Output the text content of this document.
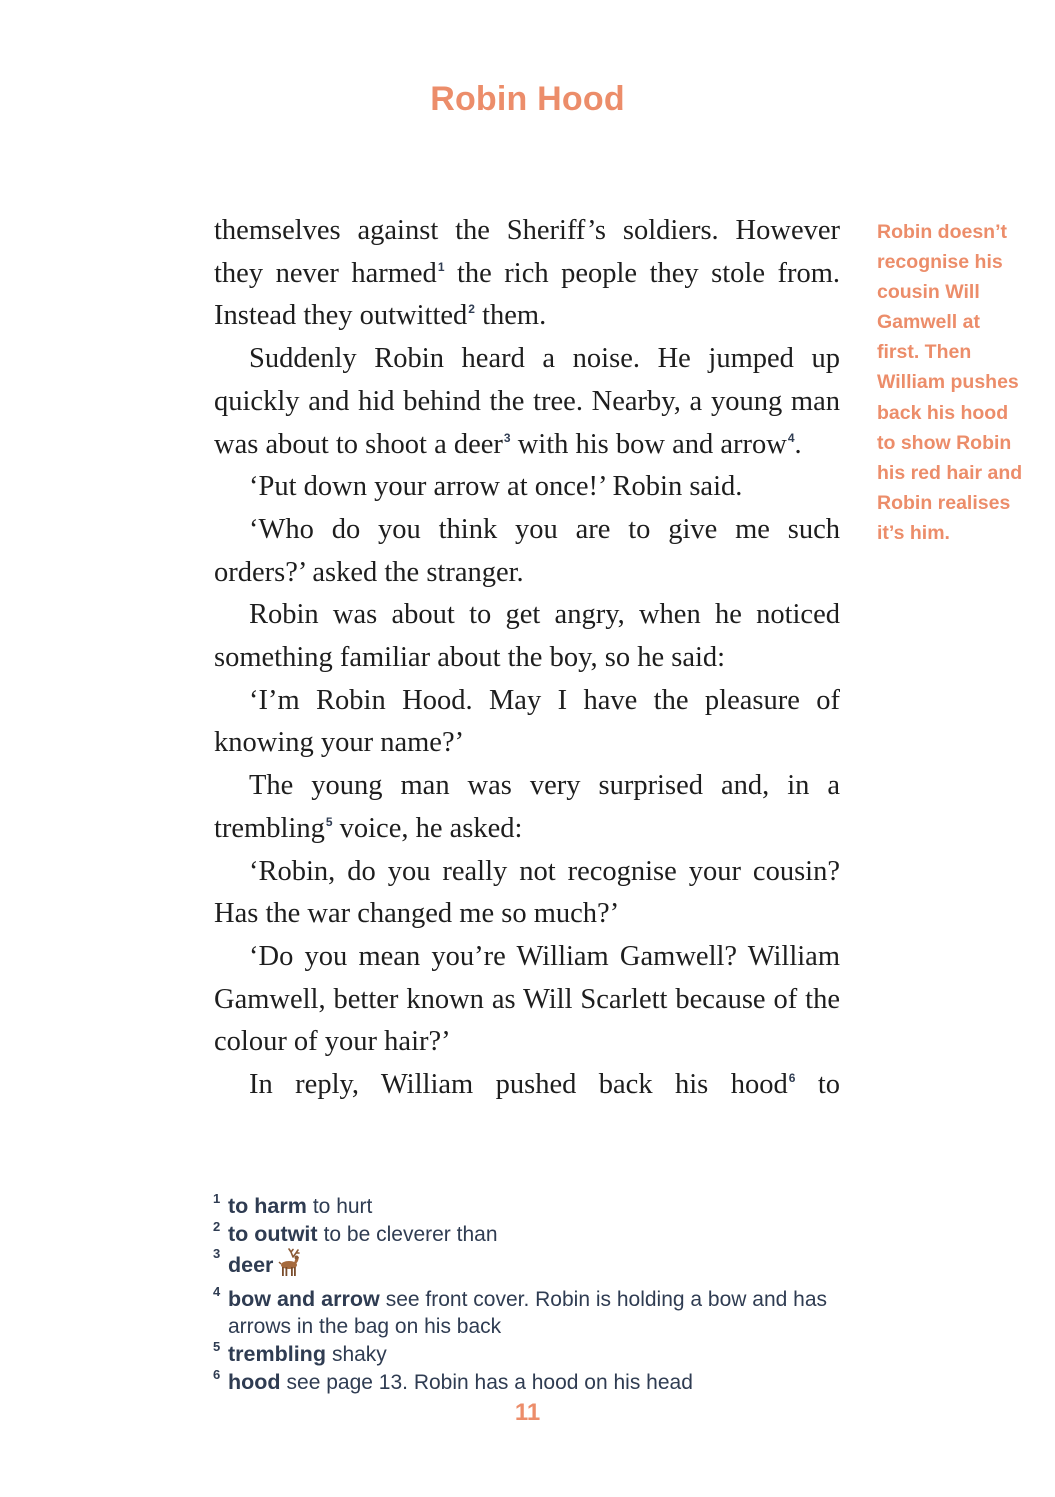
Robin Hood

themselves against the Sheriff’s soldiers. However they never harmed$^1$ the rich people they stole from. Instead they outwitted$^2$ them.

Suddenly Robin heard a noise. He jumped up quickly and hid behind the tree. Nearby, a young man was about to shoot a deer$^3$ with his bow and arrow$^4$.

‘Put down your arrow at once!’ Robin said.

‘Who do you think you are to give me such orders?’ asked the stranger.

Robin was about to get angry, when he noticed something familiar about the boy, so he said:

‘I’m Robin Hood. May I have the pleasure of knowing your name?’

The young man was very surprised and, in a trembling$^5$ voice, he asked:

‘Robin, do you really not recognise your cousin? Has the war changed me so much?’

‘Do you mean you’re William Gamwell? William Gamwell, better known as Will Scarlett because of the colour of your hair?’

In reply, William pushed back his hood$^6$ to

Robin doesn’t recognise his cousin Will Gamwell at first. Then William pushes back his hood to show Robin his red hair and Robin realises it’s him.
1 to harm to hurt
2 to outwit to be cleverer than
3 deer
4 bow and arrow see front cover. Robin is holding a bow and has arrows in the bag on his back
5 trembling shaky
6 hood see page 13. Robin has a hood on his head
11
